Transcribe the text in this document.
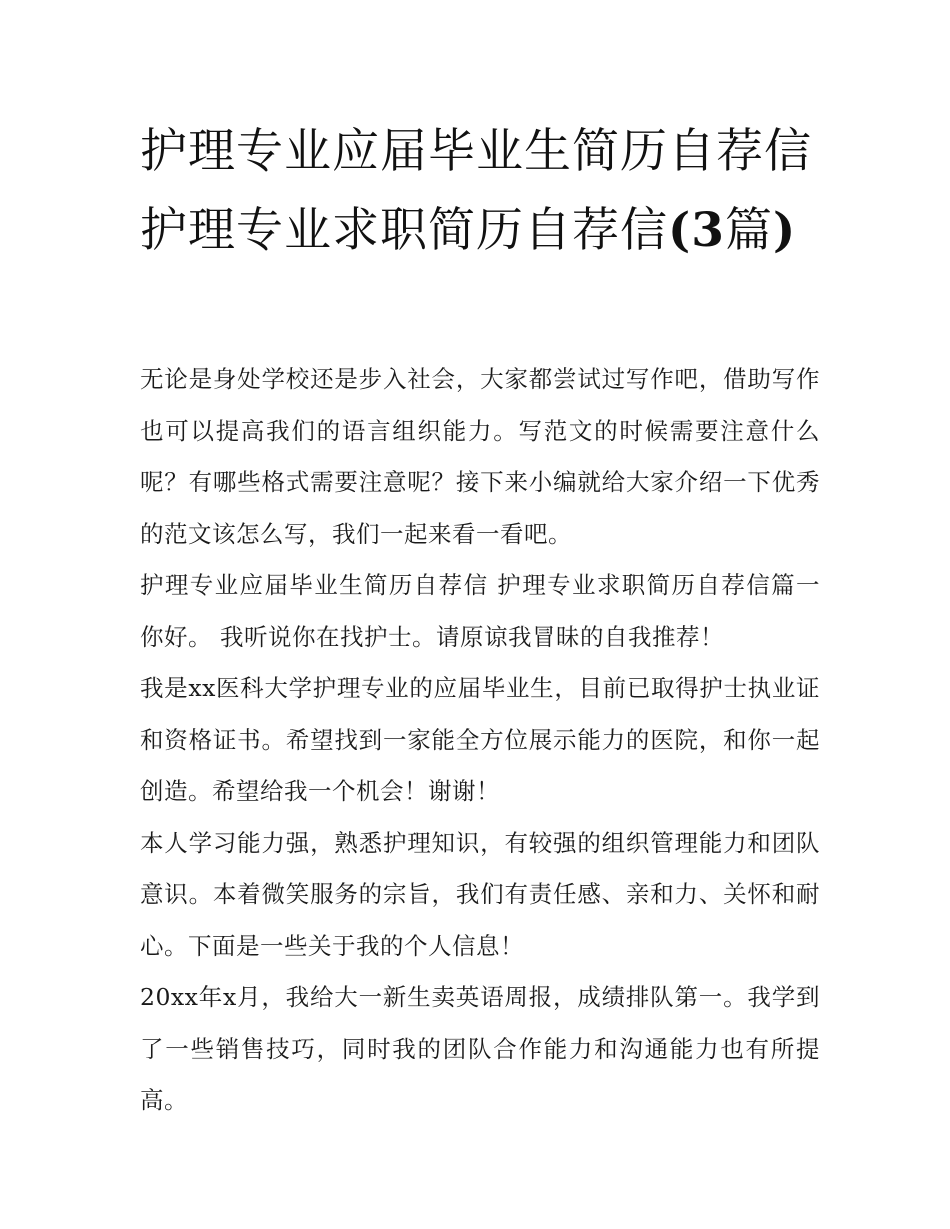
护理专业应届毕业生简历自荐信 护理专业求职简历自荐信(3篇)

无论是身处学校还是步入社会，大家都尝试过写作吧，借助写作也可以提高我们的语言组织能力。写范文的时候需要注意什么呢？有哪些格式需要注意呢？接下来小编就给大家介绍一下优秀的范文该怎么写，我们一起来看一看吧。

护理专业应届毕业生简历自荐信 护理专业求职简历自荐信篇一 你好。 我听说你在找护士。请原谅我冒昧的自我推荐！

我是xx医科大学护理专业的应届毕业生，目前已取得护士执业证和资格证书。希望找到一家能全方位展示能力的医院，和你一起创造。希望给我一个机会！谢谢！

本人学习能力强，熟悉护理知识，有较强的组织管理能力和团队意识。本着微笑服务的宗旨，我们有责任感、亲和力、关怀和耐心。下面是一些关于我的个人信息！

20xx年x月，我给大一新生卖英语周报，成绩排队第一。我学到了一些销售技巧，同时我的团队合作能力和沟通能力也有所提高。
